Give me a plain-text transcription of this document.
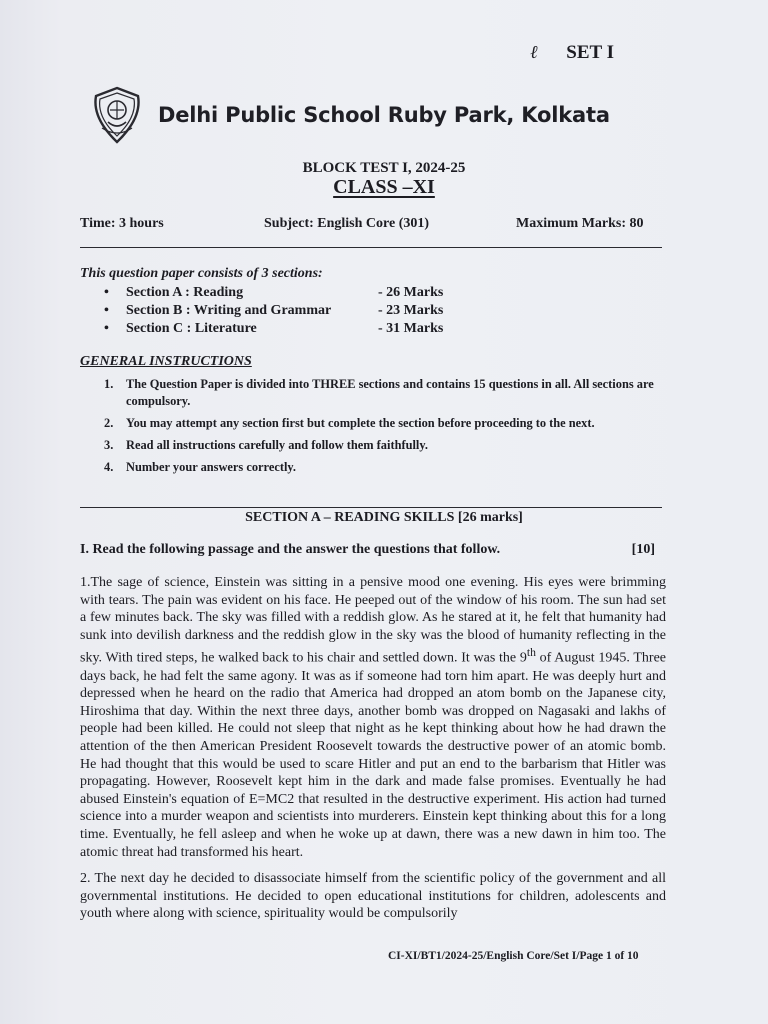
ℓ SET I
Delhi Public School Ruby Park, Kolkata
BLOCK TEST I, 2024-25
CLASS –XI
Time: 3 hours	Subject: English Core (301)	Maximum Marks: 80
This question paper consists of 3 sections:
• Section A : Reading	- 26 Marks
• Section B : Writing and Grammar	- 23 Marks
• Section C : Literature	- 31 Marks
GENERAL INSTRUCTIONS
1. The Question Paper is divided into THREE sections and contains 15 questions in all. All sections are compulsory.
2. You may attempt any section first but complete the section before proceeding to the next.
3. Read all instructions carefully and follow them faithfully.
4. Number your answers correctly.
SECTION A – READING SKILLS [26 marks]
I. Read the following passage and the answer the questions that follow.	[10]

1.The sage of science, Einstein was sitting in a pensive mood one evening. His eyes were brimming with tears. The pain was evident on his face. He peeped out of the window of his room. The sun had set a few minutes back. The sky was filled with a reddish glow. As he stared at it, he felt that humanity had sunk into devilish darkness and the reddish glow in the sky was the blood of humanity reflecting in the sky. With tired steps, he walked back to his chair and settled down. It was the 9th of August 1945. Three days back, he had felt the same agony. It was as if someone had torn him apart. He was deeply hurt and depressed when he heard on the radio that America had dropped an atom bomb on the Japanese city, Hiroshima that day. Within the next three days, another bomb was dropped on Nagasaki and lakhs of people had been killed. He could not sleep that night as he kept thinking about how he had drawn the attention of the then American President Roosevelt towards the destructive power of an atomic bomb. He had thought that this would be used to scare Hitler and put an end to the barbarism that Hitler was propagating. However, Roosevelt kept him in the dark and made false promises. Eventually he had abused Einstein's equation of E=MC2 that resulted in the destructive experiment. His action had turned science into a murder weapon and scientists into murderers. Einstein kept thinking about this for a long time. Eventually, he fell asleep and when he woke up at dawn, there was a new dawn in him too. The atomic threat had transformed his heart.

2. The next day he decided to disassociate himself from the scientific policy of the government and all governmental institutions. He decided to open educational institutions for children, adolescents and youth where along with science, spirituality would be compulsorily

CI-XI/BT1/2024-25/English Core/Set I/Page 1 of 10
